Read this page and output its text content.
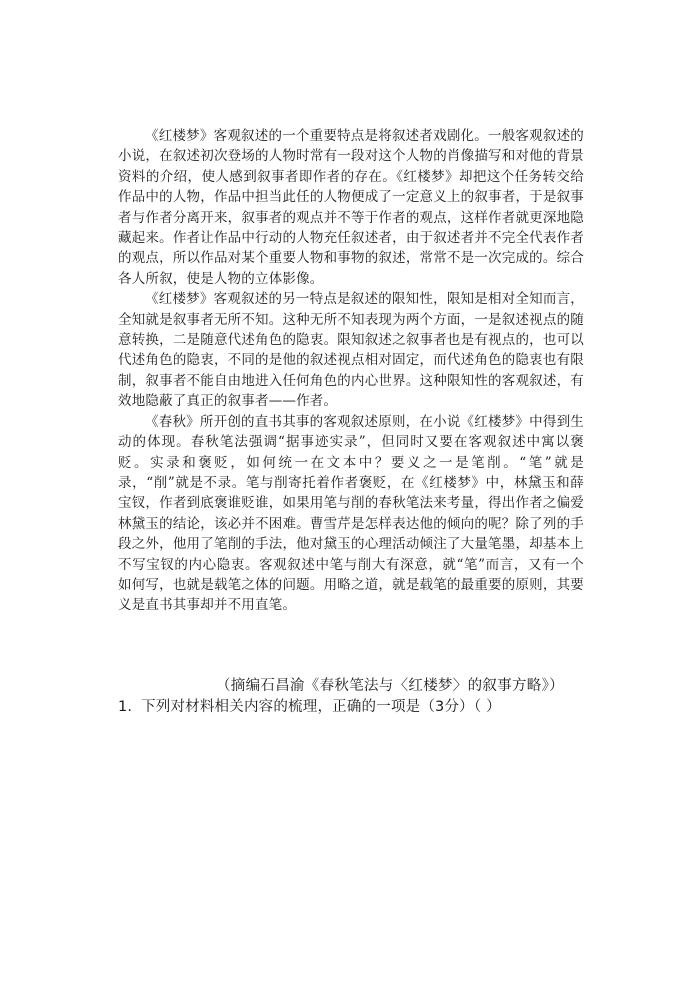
《红楼梦》客观叙述的一个重要特点是将叙述者戏剧化。一般客观叙述的小说，在叙述初次登场的人物时常有一段对这个人物的肖像描写和对他的背景资料的介绍，使人感到叙事者即作者的存在。《红楼梦》却把这个任务转交给作品中的人物，作品中担当此任的人物便成了一定意义上的叙事者，于是叙事者与作者分离开来，叙事者的观点并不等于作者的观点，这样作者就更深地隐藏起来。作者让作品中行动的人物充任叙述者，由于叙述者并不完全代表作者的观点，所以作品对某个重要人物和事物的叙述，常常不是一次完成的。综合各人所叙，使是人物的立体影像。

《红楼梦》客观叙述的另一特点是叙述的限知性，限知是相对全知而言，全知就是叙事者无所不知。这种无所不知表现为两个方面，一是叙述视点的随意转换，二是随意代述角色的隐衷。限知叙述之叙事者也是有视点的，也可以代述角色的隐衷，不同的是他的叙述视点相对固定，而代述角色的隐衷也有限制，叙事者不能自由地进入任何角色的内心世界。这种限知性的客观叙述，有效地隐蔽了真正的叙事者——作者。

《春秋》所开创的直书其事的客观叙述原则，在小说《红楼梦》中得到生动的体现。春秋笔法强调“据事迹实录”，但同时又要在客观叙述中寓以褒贬。实录和褒贬，如何统一在文本中？要义之一是笔削。“笔”就是录，“削”就是不录。笔与削寄托着作者褒贬，在《红楼梦》中，林黛玉和薛宝钗，作者到底褒谁贬谁，如果用笔与削的春秋笔法来考量，得出作者之偏爱林黛玉的结论，该必并不困难。曹雪芹是怎样表达他的倾向的呢？除了列的手段之外，他用了笔削的手法，他对黛玉的心理活动倾注了大量笔墨，却基本上不写宝钗的内心隐衷。客观叙述中笔与削大有深意，就“笔”而言，又有一个如何写，也就是载笔之体的问题。用略之道，就是载笔的最重要的原则，其要义是直书其事却并不用直笔。

（摘编石昌渝《春秋笔法与〈红楼梦〉的叙事方略》）
1. 下列对材料相关内容的梳理，正确的一项是（3分）（ ）
